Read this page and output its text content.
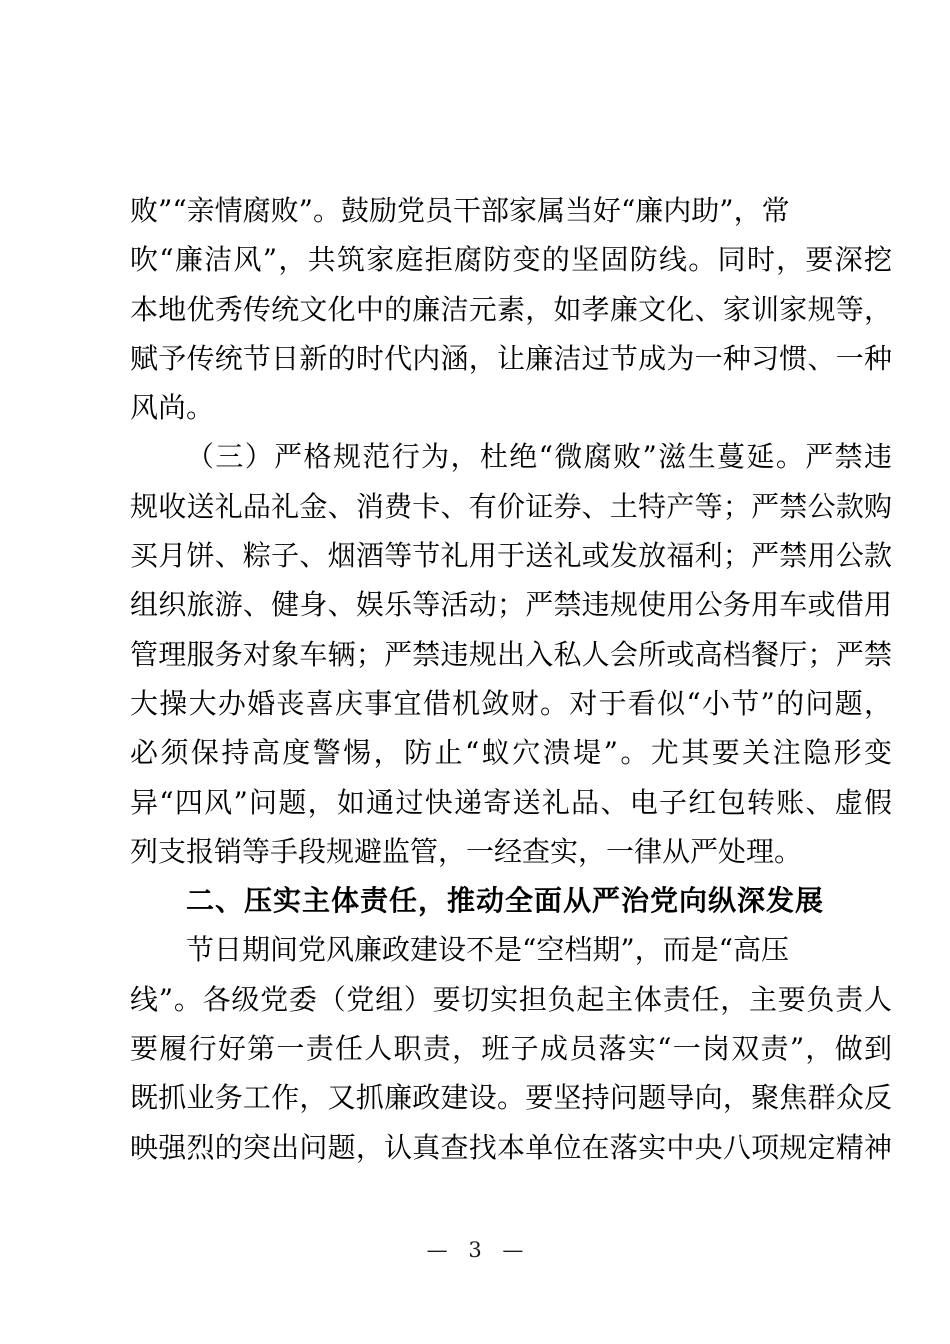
败”“亲情腐败”。鼓励党员干部家属当好“廉内助”，常
吹“廉洁风”，共筑家庭拒腐防变的坚固防线。同时，要深挖
本地优秀传统文化中的廉洁元素，如孝廉文化、家训家规等，
赋予传统节日新的时代内涵，让廉洁过节成为一种习惯、一种
风尚。
（三）严格规范行为，杜绝“微腐败”滋生蔓延。严禁违
规收送礼品礼金、消费卡、有价证券、土特产等；严禁公款购
买月饼、粽子、烟酒等节礼用于送礼或发放福利；严禁用公款
组织旅游、健身、娱乐等活动；严禁违规使用公务用车或借用
管理服务对象车辆；严禁违规出入私人会所或高档餐厅；严禁
大操大办婚丧喜庆事宜借机敛财。对于看似“小节”的问题，
必须保持高度警惕，防止“蚁穴溃堤”。尤其要关注隐形变
异“四风”问题，如通过快递寄送礼品、电子红包转账、虚假
列支报销等手段规避监管，一经查实，一律从严处理。
二、压实主体责任，推动全面从严治党向纵深发展
节日期间党风廉政建设不是“空档期”，而是“高压
线”。各级党委（党组）要切实担负起主体责任，主要负责人
要履行好第一责任人职责，班子成员落实“一岗双责”，做到
既抓业务工作，又抓廉政建设。要坚持问题导向，聚焦群众反
映强烈的突出问题，认真查找本单位在落实中央八项规定精神
— 3 —
